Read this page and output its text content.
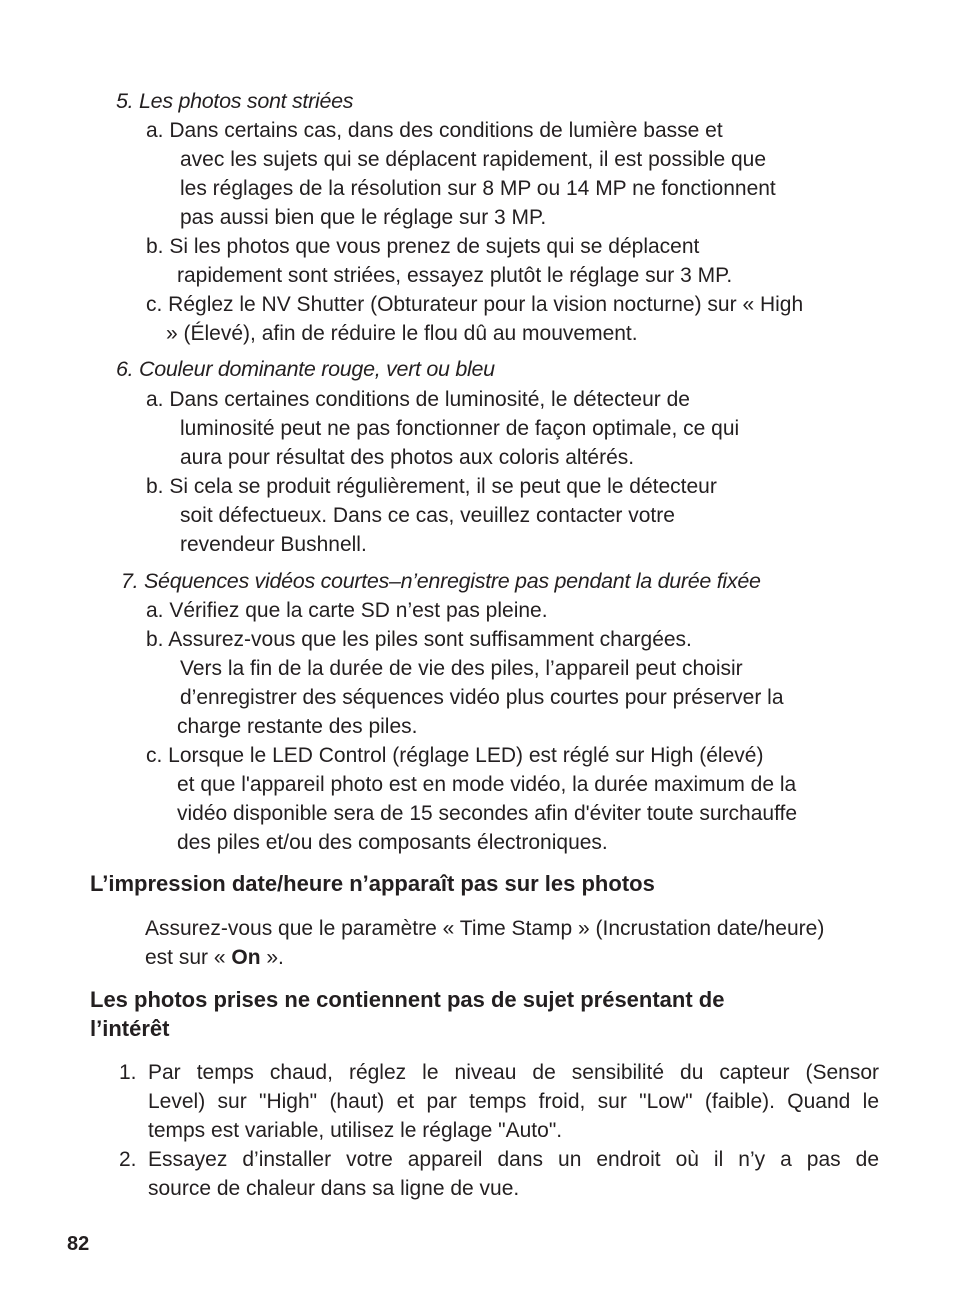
5. Les photos sont striées
a. Dans certains cas, dans des conditions de lumière basse et
avec les sujets qui se déplacent rapidement, il est possible que
les réglages de la résolution sur 8 MP ou 14 MP ne fonctionnent
pas aussi bien que le réglage sur 3 MP.
b. Si les photos que vous prenez de sujets qui se déplacent
rapidement sont striées, essayez plutôt le réglage sur 3 MP.
c. Réglez le NV Shutter (Obturateur pour la vision nocturne) sur « High
» (Élevé), afin de réduire le flou dû au mouvement.
6. Couleur dominante rouge, vert ou bleu
a. Dans certaines conditions de luminosité, le détecteur de
luminosité peut ne pas fonctionner de façon optimale, ce qui
aura pour résultat des photos aux coloris altérés.
b. Si cela se produit régulièrement, il se peut que le détecteur
soit défectueux. Dans ce cas, veuillez contacter votre
revendeur Bushnell.
7. Séquences vidéos courtes–n’enregistre pas pendant la durée fixée
a. Vérifiez que la carte SD n’est pas pleine.
b. Assurez-vous que les piles sont suffisamment chargées.
Vers la fin de la durée de vie des piles, l’appareil peut choisir
d’enregistrer des séquences vidéo plus courtes pour préserver la
charge restante des piles.
c. Lorsque le LED Control (réglage LED) est réglé sur High (élevé)
et que l'appareil photo est en mode vidéo, la durée maximum de la
vidéo disponible sera de 15 secondes afin d'éviter toute surchauffe
des piles et/ou des composants électroniques.
L’impression date/heure n’apparaît pas sur les photos
Assurez-vous que le paramètre « Time Stamp » (Incrustation date/heure)
est sur « On ».
Les photos prises ne contiennent pas de sujet présentant de
l’intérêt
1. Par temps chaud, réglez le niveau de sensibilité du capteur (Sensor
Level) sur "High" (haut) et par temps froid, sur "Low" (faible). Quand le
temps est variable, utilisez le réglage "Auto".
2. Essayez d’installer votre appareil dans un endroit où il n’y a pas de
source de chaleur dans sa ligne de vue.
82
